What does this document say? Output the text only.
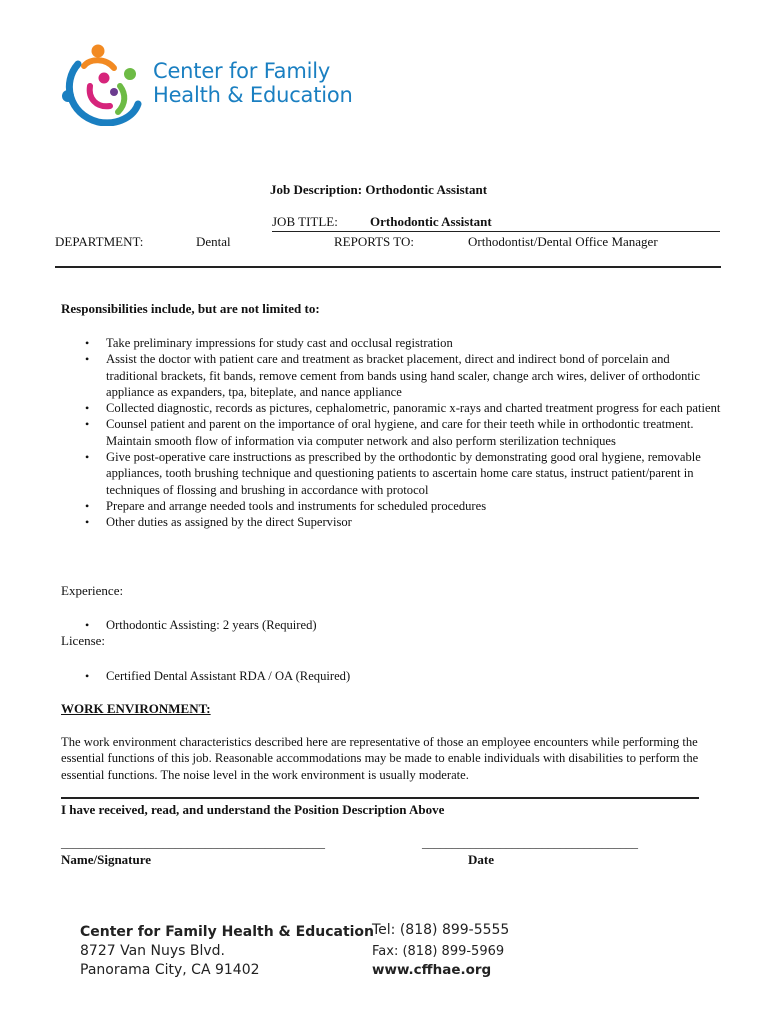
Center for Family
Health & Education
Job Description: Orthodontic Assistant
JOB TITLE: Orthodontic Assistant
DEPARTMENT:	Dental	REPORTS TO:	Orthodontist/Dental Office Manager
Responsibilities include, but are not limited to:
• Take preliminary impressions for study cast and occlusal registration
• Assist the doctor with patient care and treatment as bracket placement, direct and indirect bond of porcelain and traditional brackets, fit bands, remove cement from bands using hand scaler, change arch wires, deliver of orthodontic appliance as expanders, tpa, biteplate, and nance appliance
• Collected diagnostic, records as pictures, cephalometric, panoramic x-rays and charted treatment progress for each patient
• Counsel patient and parent on the importance of oral hygiene, and care for their teeth while in orthodontic treatment. Maintain smooth flow of information via computer network and also perform sterilization techniques
• Give post-operative care instructions as prescribed by the orthodontic by demonstrating good oral hygiene, removable appliances, tooth brushing technique and questioning patients to ascertain home care status, instruct patient/parent in techniques of flossing and brushing in accordance with protocol
• Prepare and arrange needed tools and instruments for scheduled procedures
• Other duties as assigned by the direct Supervisor
Experience:
• Orthodontic Assisting: 2 years (Required)
License:
• Certified Dental Assistant RDA / OA (Required)
WORK ENVIRONMENT:
The work environment characteristics described here are representative of those an employee encounters while performing the essential functions of this job. Reasonable accommodations may be made to enable individuals with disabilities to perform the essential functions. The noise level in the work environment is usually moderate.
I have received, read, and understand the Position Description Above
____________________________________________	____________________________________
Name/Signature	Date
Center for Family Health & Education
8727 Van Nuys Blvd.
Panorama City, CA 91402
Tel: (818) 899-5555
Fax: (818) 899-5969
www.cffhae.org
